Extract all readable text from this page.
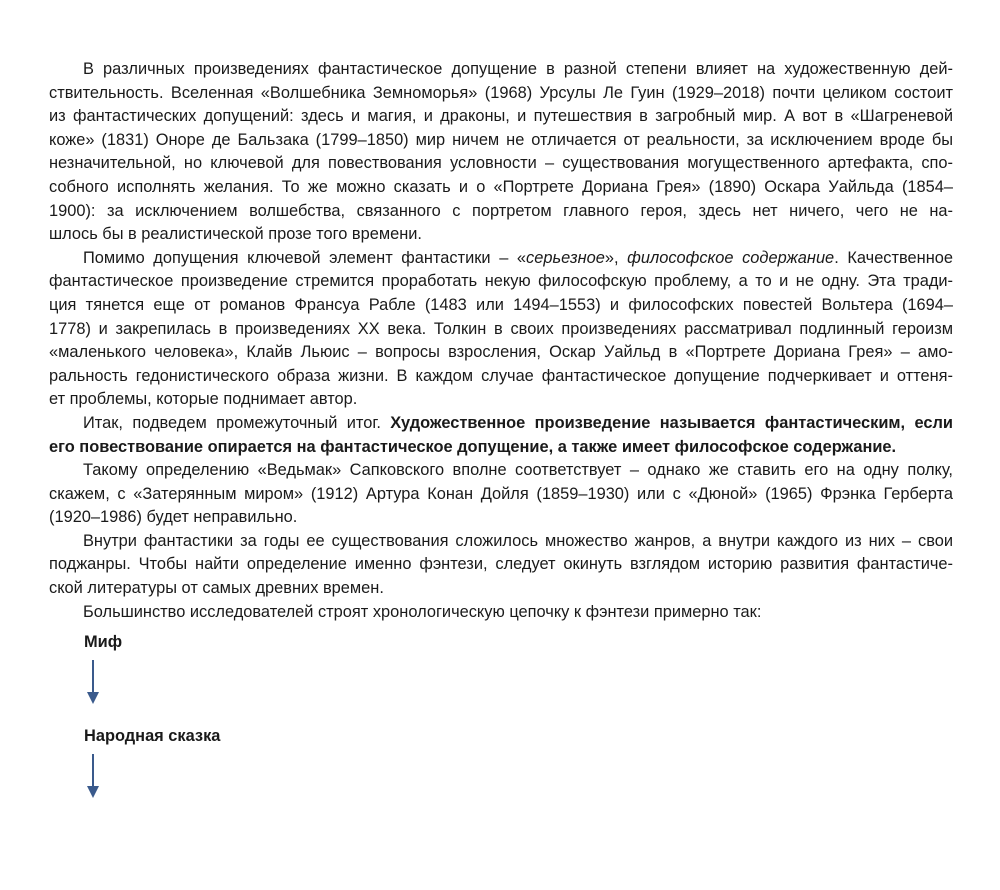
В различных произведениях фантастическое допущение в разной степени влияет на художественную дей-
ствительность. Вселенная «Волшебника Земноморья» (1968) Урсулы Ле Гуин (1929–2018) почти целиком состоит
из фантастических допущений: здесь и магия, и драконы, и путешествия в загробный мир. А вот в «Шагреневой
коже» (1831) Оноре де Бальзака (1799–1850) мир ничем не отличается от реальности, за исключением вроде бы
незначительной, но ключевой для повествования условности – существования могущественного артефакта, спо-
собного исполнять желания. То же можно сказать и о «Портрете Дориана Грея» (1890) Оскара Уайльда (1854–
1900): за исключением волшебства, связанного с портретом главного героя, здесь нет ничего, чего не на-
шлось бы в реалистической прозе того времени.
Помимо допущения ключевой элемент фантастики – «серьезное», философское содержание. Качественное
фантастическое произведение стремится проработать некую философскую проблему, а то и не одну. Эта тради-
ция тянется еще от романов Франсуа Рабле (1483 или 1494–1553) и философских повестей Вольтера (1694–
1778) и закрепилась в произведениях XX века. Толкин в своих произведениях рассматривал подлинный героизм
«маленького человека», Клайв Льюис – вопросы взросления, Оскар Уайльд в «Портрете Дориана Грея» – амо-
ральность гедонистического образа жизни. В каждом случае фантастическое допущение подчеркивает и оттеня-
ет проблемы, которые поднимает автор.
Итак, подведем промежуточный итог. Художественное произведение называется фантастическим, если
его повествование опирается на фантастическое допущение, а также имеет философское содержание.
Такому определению «Ведьмак» Сапковского вполне соответствует – однако же ставить его на одну полку,
скажем, с «Затерянным миром» (1912) Артура Конан Дойля (1859–1930) или с «Дюной» (1965) Фрэнка Герберта
(1920–1986) будет неправильно.
Внутри фантастики за годы ее существования сложилось множество жанров, а внутри каждого из них – свои
поджанры. Чтобы найти определение именно фэнтези, следует окинуть взглядом историю развития фантастиче-
ской литературы от самых древних времен.
Большинство исследователей строят хронологическую цепочку к фэнтези примерно так:
Миф
Народная сказка
